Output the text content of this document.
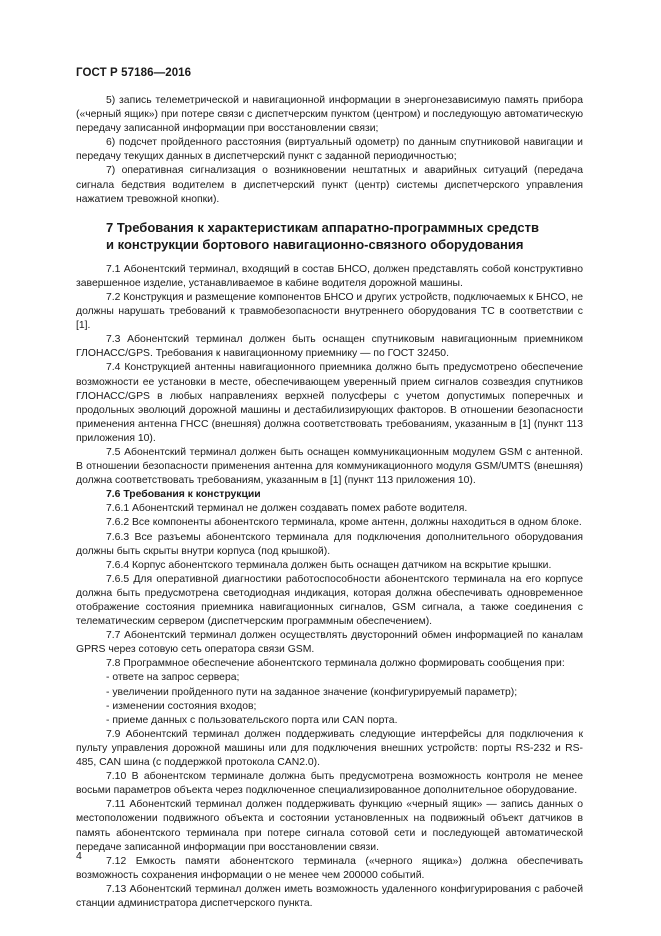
ГОСТ Р 57186—2016

5) запись телеметрической и навигационной информации в энергонезависимую память прибора («черный ящик») при потере связи с диспетчерским пунктом (центром) и последующую автоматическую передачу записанной информации при восстановлении связи;

6) подсчет пройденного расстояния (виртуальный одометр) по данным спутниковой навигации и передачу текущих данных в диспетчерский пункт с заданной периодичностью;

7) оперативная сигнализация о возникновении нештатных и аварийных ситуаций (передача сигнала бедствия водителем в диспетчерский пункт (центр) системы диспетчерского управления нажатием тревожной кнопки).

7 Требования к характеристикам аппаратно-программных средств
и конструкции бортового навигационно-связного оборудования

7.1 Абонентский терминал, входящий в состав БНСО, должен представлять собой конструктивно завершенное изделие, устанавливаемое в кабине водителя дорожной машины.

7.2 Конструкция и размещение компонентов БНСО и других устройств, подключаемых к БНСО, не должны нарушать требований к травмобезопасности внутреннего оборудования ТС в соответствии с [1].

7.3 Абонентский терминал должен быть оснащен спутниковым навигационным приемником ГЛОНАСС/GPS. Требования к навигационному приемнику — по ГОСТ 32450.

7.4 Конструкцией антенны навигационного приемника должно быть предусмотрено обеспечение возможности ее установки в месте, обеспечивающем уверенный прием сигналов созвездия спутников ГЛОНАСС/GPS в любых направлениях верхней полусферы с учетом допустимых поперечных и продольных эволюций дорожной машины и дестабилизирующих факторов. В отношении безопасности применения антенна ГНСС (внешняя) должна соответствовать требованиям, указанным в [1] (пункт 113 приложения 10).

7.5 Абонентский терминал должен быть оснащен коммуникационным модулем GSM с антенной. В отношении безопасности применения антенна для коммуникационного модуля GSM/UMTS (внешняя) должна соответствовать требованиям, указанным в [1] (пункт 113 приложения 10).

7.6 Требования к конструкции

7.6.1 Абонентский терминал не должен создавать помех работе водителя.

7.6.2 Все компоненты абонентского терминала, кроме антенн, должны находиться в одном блоке.

7.6.3 Все разъемы абонентского терминала для подключения дополнительного оборудования должны быть скрыты внутри корпуса (под крышкой).

7.6.4 Корпус абонентского терминала должен быть оснащен датчиком на вскрытие крышки.

7.6.5 Для оперативной диагностики работоспособности абонентского терминала на его корпусе должна быть предусмотрена светодиодная индикация, которая должна обеспечивать одновременное отображение состояния приемника навигационных сигналов, GSM сигнала, а также соединения с телематическим сервером (диспетчерским программным обеспечением).

7.7 Абонентский терминал должен осуществлять двусторонний обмен информацией по каналам GPRS через сотовую сеть оператора связи GSM.

7.8 Программное обеспечение абонентского терминала должно формировать сообщения при:

- ответе на запрос сервера;

- увеличении пройденного пути на заданное значение (конфигурируемый параметр);

- изменении состояния входов;

- приеме данных с пользовательского порта или CAN порта.

7.9 Абонентский терминал должен поддерживать следующие интерфейсы для подключения к пульту управления дорожной машины или для подключения внешних устройств: порты RS-232 и RS-485, CAN шина (с поддержкой протокола CAN2.0).

7.10 В абонентском терминале должна быть предусмотрена возможность контроля не менее восьми параметров объекта через подключенное специализированное дополнительное оборудование.

7.11 Абонентский терминал должен поддерживать функцию «черный ящик» — запись данных о местоположении подвижного объекта и состоянии установленных на подвижный объект датчиков в память абонентского терминала при потере сигнала сотовой сети и последующей автоматической передаче записанной информации при восстановлении связи.

7.12 Емкость памяти абонентского терминала («черного ящика») должна обеспечивать возможность сохранения информации о не менее чем 200000 событий.

7.13 Абонентский терминал должен иметь возможность удаленного конфигурирования с рабочей станции администратора диспетчерского пункта.

4
